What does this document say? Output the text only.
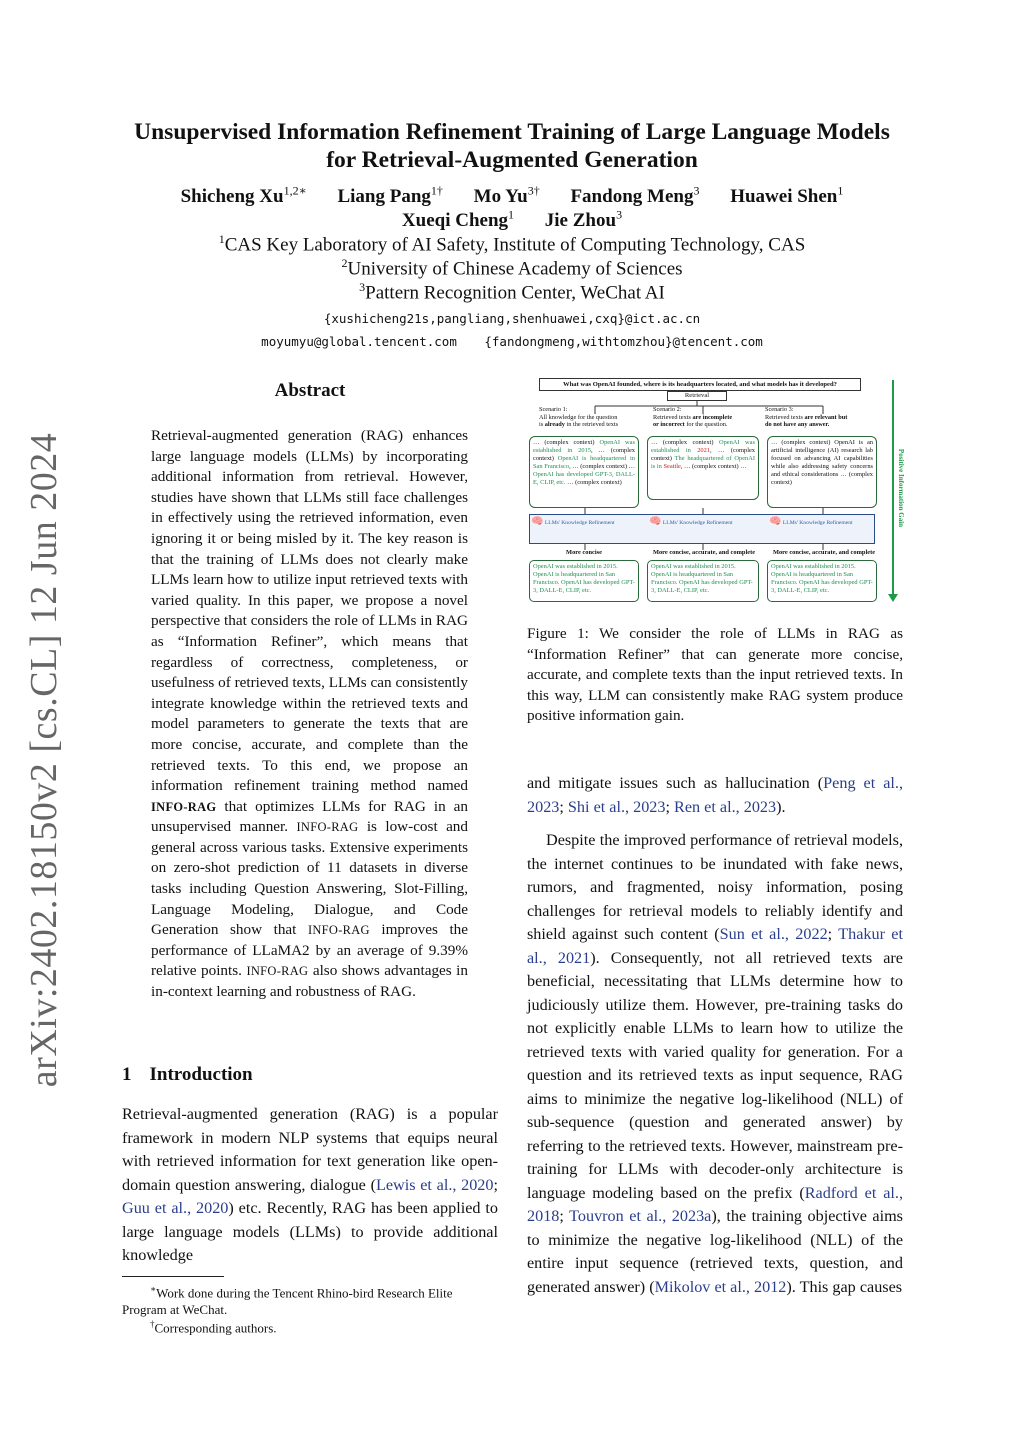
arXiv:2402.18150v2 [cs.CL] 12 Jun 2024
Unsupervised Information Refinement Training of Large Language Models
for Retrieval-Augmented Generation
Shicheng $Xu^{1,2∗}$ Liang Pang$^{1\dagger}$ Mo $Yu^{3\dagger}$ Fandong Meng$^3$ Huawei Shen$^1$
Xueqi Cheng$^1$ Jie Zhou$^3$
$^1$CAS Key Laboratory of AI Safety, Institute of Computing Technology, CAS
$^2$University of Chinese Academy of Sciences
$^3$Pattern Recognition Center, WeChat AI
{xushicheng21s,pangliang,shenhuawei,cxq}@ict.ac.cn
moyumyu@global.tencent.com {fandongmeng,withtomzhou}@tencent.com
Abstract
Retrieval-augmented generation (RAG) enhances large language models (LLMs) by incorporating additional information from retrieval. However, studies have shown that LLMs still face challenges in effectively using the retrieved information, even ignoring it or being misled by it. The key reason is that the training of LLMs does not clearly make LLMs learn how to utilize input retrieved texts with varied quality. In this paper, we propose a novel perspective that considers the role of LLMs in RAG as “Information Refiner”, which means that regardless of correctness, completeness, or usefulness of retrieved texts, LLMs can consistently integrate knowledge within the retrieved texts and model parameters to generate the texts that are more concise, accurate, and complete than the retrieved texts. To this end, we propose an information refinement training method named INFO-RAG that optimizes LLMs for RAG in an unsupervised manner. INFO-RAG is low-cost and general across various tasks. Extensive experiments on zero-shot prediction of 11 datasets in diverse tasks including Question Answering, Slot-Filling, Language Modeling, Dialogue, and Code Generation show that INFO-RAG improves the performance of LLaMA2 by an average of 9.39% relative points. INFO-RAG also shows advantages in in-context learning and robustness of RAG.
1 Introduction
Retrieval-augmented generation (RAG) is a popular framework in modern NLP systems that equips neural with retrieved information for text generation like open-domain question answering, dialogue (Lewis et al., 2020; Guu et al., 2020) etc. Recently, RAG has been applied to large language models (LLMs) to provide additional knowledge
∗Work done during the Tencent Rhino-bird Research Elite Program at WeChat.
†Corresponding authors.
What was OpenAI founded, where is its headquarters located, and what models has it developed?
Retrieval
Scenario 1:
All knowledge for the question
is already in the retrieved texts
Scenario 2:
Retrieved texts are incomplete
or incorrect for the question.
Scenario 3:
Retrieved texts are relevant but
do not have any answer.
… (complex context) OpenAI was established in 2015, … (complex context) OpenAI is headquartered in San Francisco, … (complex context) … OpenAI has developed GPT-3, DALL-E, CLIP, etc. … (complex context)
… (complex context) OpenAI was established in 2021, … (complex context) The headquartered of OpenAI is in Seattle, … (complex context) …
… (complex context) OpenAI is an artificial intelligence (AI) research lab focused on advancing AI capabilities while also addressing safety concerns and ethical considerations … (complex context)
🧠 LLMs' Knowledge Refinement	🧠 LLMs' Knowledge Refinement	🧠 LLMs' Knowledge Refinement
More concise	More concise, accurate, and complete	More concise, accurate, and complete
OpenAI was established in 2015. OpenAI is headquartered in San Francisco. OpenAI has developed GPT-3, DALL-E, CLIP, etc.
OpenAI was established in 2015. OpenAI is headquartered in San Francisco. OpenAI has developed GPT-3, DALL-E, CLIP, etc.
OpenAI was established in 2015. OpenAI is headquartered in San Francisco. OpenAI has developed GPT-3, DALL-E, CLIP, etc.
Positive Information Gain
Figure 1: We consider the role of LLMs in RAG as “Information Refiner” that can generate more concise, accurate, and complete texts than the input retrieved texts. In this way, LLM can consistently make RAG system produce positive information gain.

and mitigate issues such as hallucination (Peng et al., 2023; Shi et al., 2023; Ren et al., 2023).

Despite the improved performance of retrieval models, the internet continues to be inundated with fake news, rumors, and fragmented, noisy information, posing challenges for retrieval models to reliably identify and shield against such content (Sun et al., 2022; Thakur et al., 2021). Consequently, not all retrieved texts are beneficial, necessitating that LLMs determine how to judiciously utilize them. However, pre-training tasks do not explicitly enable LLMs to learn how to utilize the retrieved texts with varied quality for generation. For a question and its retrieved texts as input sequence, RAG aims to minimize the negative log-likelihood (NLL) of sub-sequence (question and generated answer) by referring to the retrieved texts. However, mainstream pre-training for LLMs with decoder-only architecture is language modeling based on the prefix (Radford et al., 2018; Touvron et al., 2023a), the training objective aims to minimize the negative log-likelihood (NLL) of the entire input sequence (retrieved texts, question, and generated answer) (Mikolov et al., 2012). This gap causes
